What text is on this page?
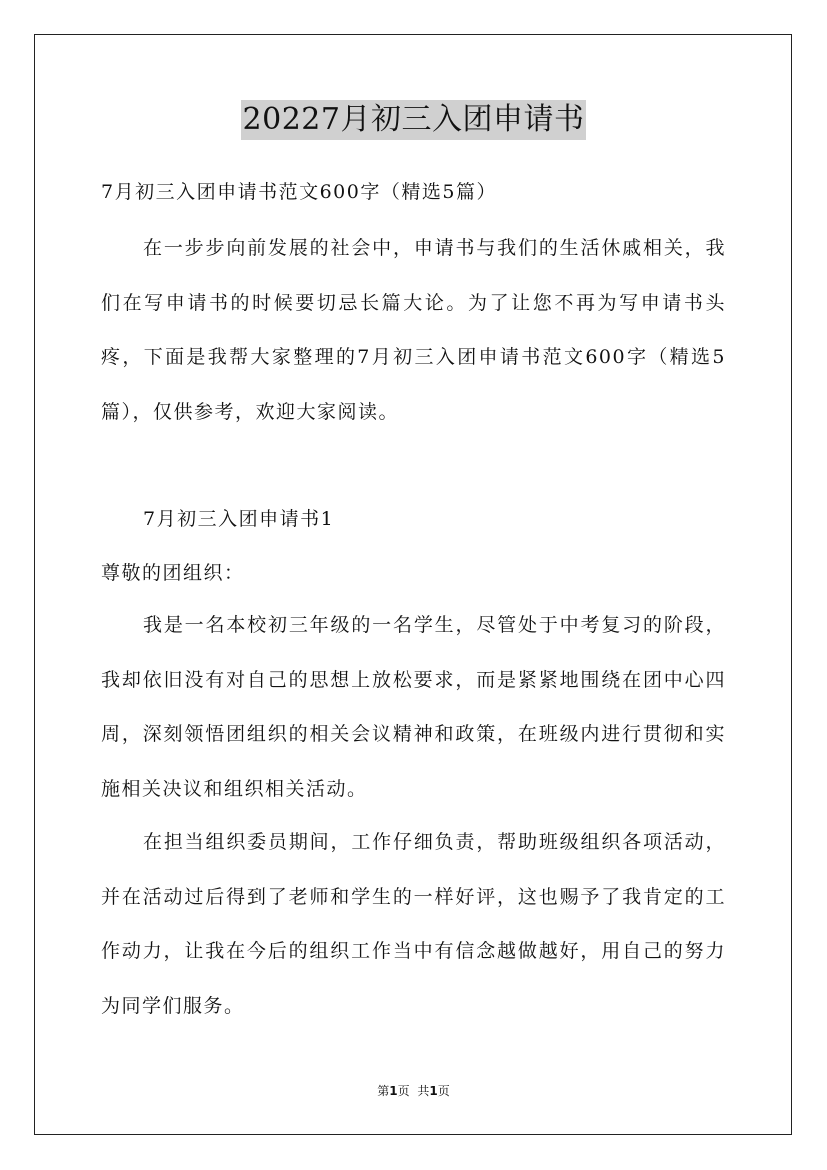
20227月初三入团申请书

7月初三入团申请书范文600字（精选5篇）

在一步步向前发展的社会中，申请书与我们的生活休戚相关，我们在写申请书的时候要切忌长篇大论。为了让您不再为写申请书头疼，下面是我帮大家整理的7月初三入团申请书范文600字（精选5篇），仅供参考，欢迎大家阅读。

7月初三入团申请书1

尊敬的团组织：

我是一名本校初三年级的一名学生，尽管处于中考复习的阶段，我却依旧没有对自己的思想上放松要求，而是紧紧地围绕在团中心四周，深刻领悟团组织的相关会议精神和政策，在班级内进行贯彻和实施相关决议和组织相关活动。

在担当组织委员期间，工作仔细负责，帮助班级组织各项活动，并在活动过后得到了老师和学生的一样好评，这也赐予了我肯定的工作动力，让我在今后的组织工作当中有信念越做越好，用自己的努力为同学们服务。

第1页 共1页
